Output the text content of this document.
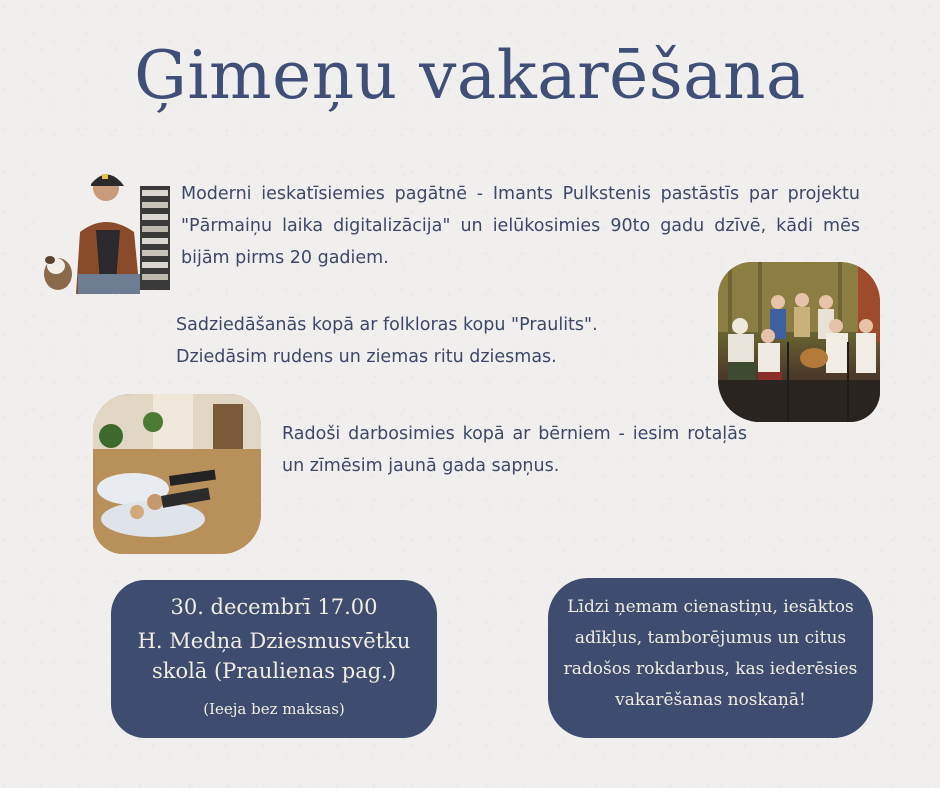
Ģimeņu vakarēšana
Moderni ieskatīsiemies pagātnē - Imants Pulkstenis pastāstīs par projektu "Pārmaiņu laika digitalizācija" un ielūkosimies 90to gadu dzīvē, kādi mēs bijām pirms 20 gadiem.
Sadziedāšanās kopā ar folkloras kopu "Praulits".
Dziedāsim rudens un ziemas ritu dziesmas.
Radoši darbosimies kopā ar bērniem - iesim rotaļās un zīmēsim jaunā gada sapņus.
30. decembrī 17.00
H. Medņa Dziesmusvētku skolā (Praulienas pag.)
(Ieeja bez maksas)
Līdzi ņemam cienastiņu, iesāktos adīkļus, tamborējumus un citus radošos rokdarbus, kas iederēsies vakarēšanas noskaņā!
